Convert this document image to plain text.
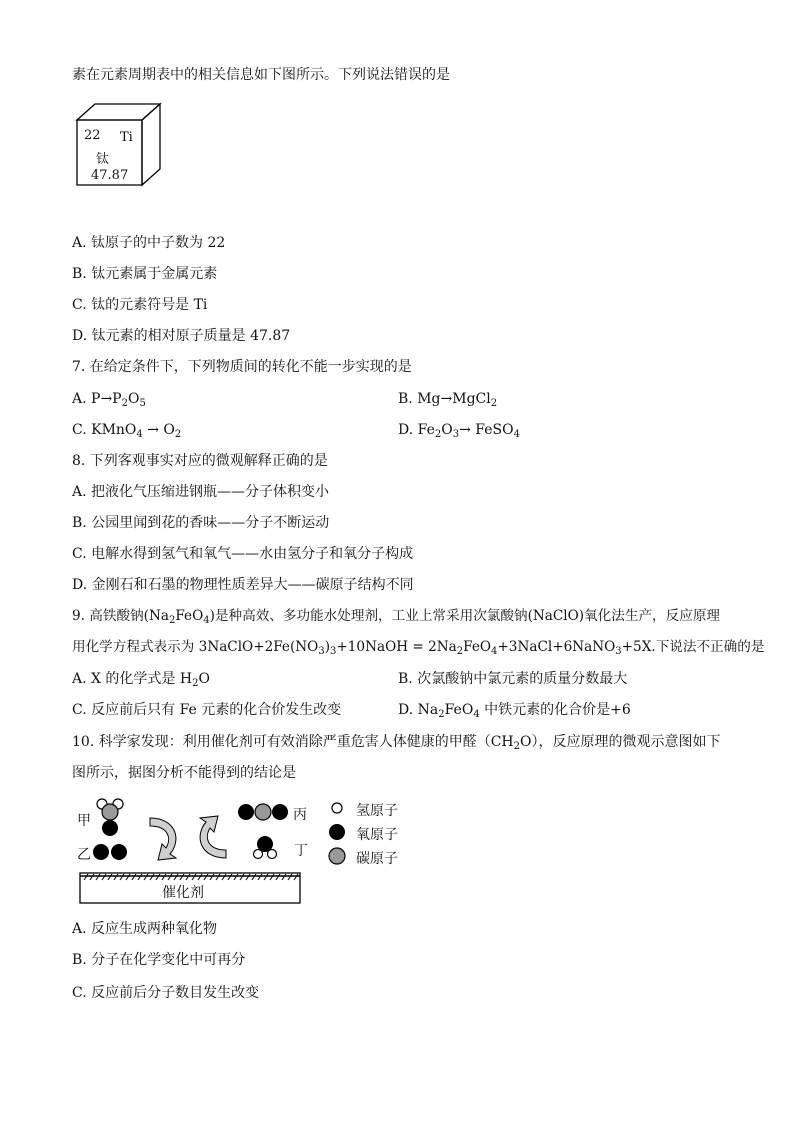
素在元素周期表中的相关信息如下图所示。下列说法错误的是
22 Ti
钛
47.87
A. 钛原子的中子数为 22
B. 钛元素属于金属元素
C. 钛的元素符号是 Ti
D. 钛元素的相对原子质量是 47.87
7. 在给定条件下，下列物质间的转化不能一步实现的是
A. $P\to P_2O_5$	B. Mg→MgCl$_2$
C. KMnO$_4$ → $O_2$	D. $Fe_2O_3\to$ FeSO$_4$
8. 下列客观事实对应的微观解释正确的是
A. 把液化气压缩进钢瓶——分子体积变小
B. 公园里闻到花的香味——分子不断运动
C. 电解水得到氢气和氧气——水由氢分子和氧分子构成
D. 金刚石和石墨的物理性质差异大——碳原子结构不同
9. 高铁酸钠$(Na_2FeO_4)$是种高效、多功能水处理剂，工业上常采用次氯酸钠(NaClO)氧化法生产，反应原理
用化学方程式表示为 $3NaClO+2Fe(NO_3)_3+10NaOH$ = $2Na_2FeO_4+3NaCl+6NaNO_3+5X$.下说法不正确的是
A. X 的化学式是 $H_2O$	B. 次氯酸钠中氯元素的质量分数最大
C. 反应前后只有 Fe 元素的化合价发生改变	D. $Na_2FeO_4$ 中铁元素的化合价是+6
10. 科学家发现：利用催化剂可有效消除严重危害人体健康的甲醛$(CH_2O)$，反应原理的微观示意图如下
图所示，据图分析不能得到的结论是
甲
乙
丙
丁
氢原子
氧原子
碳原子
催化剂
A. 反应生成两种氧化物
B. 分子在化学变化中可再分
C. 反应前后分子数目发生改变
